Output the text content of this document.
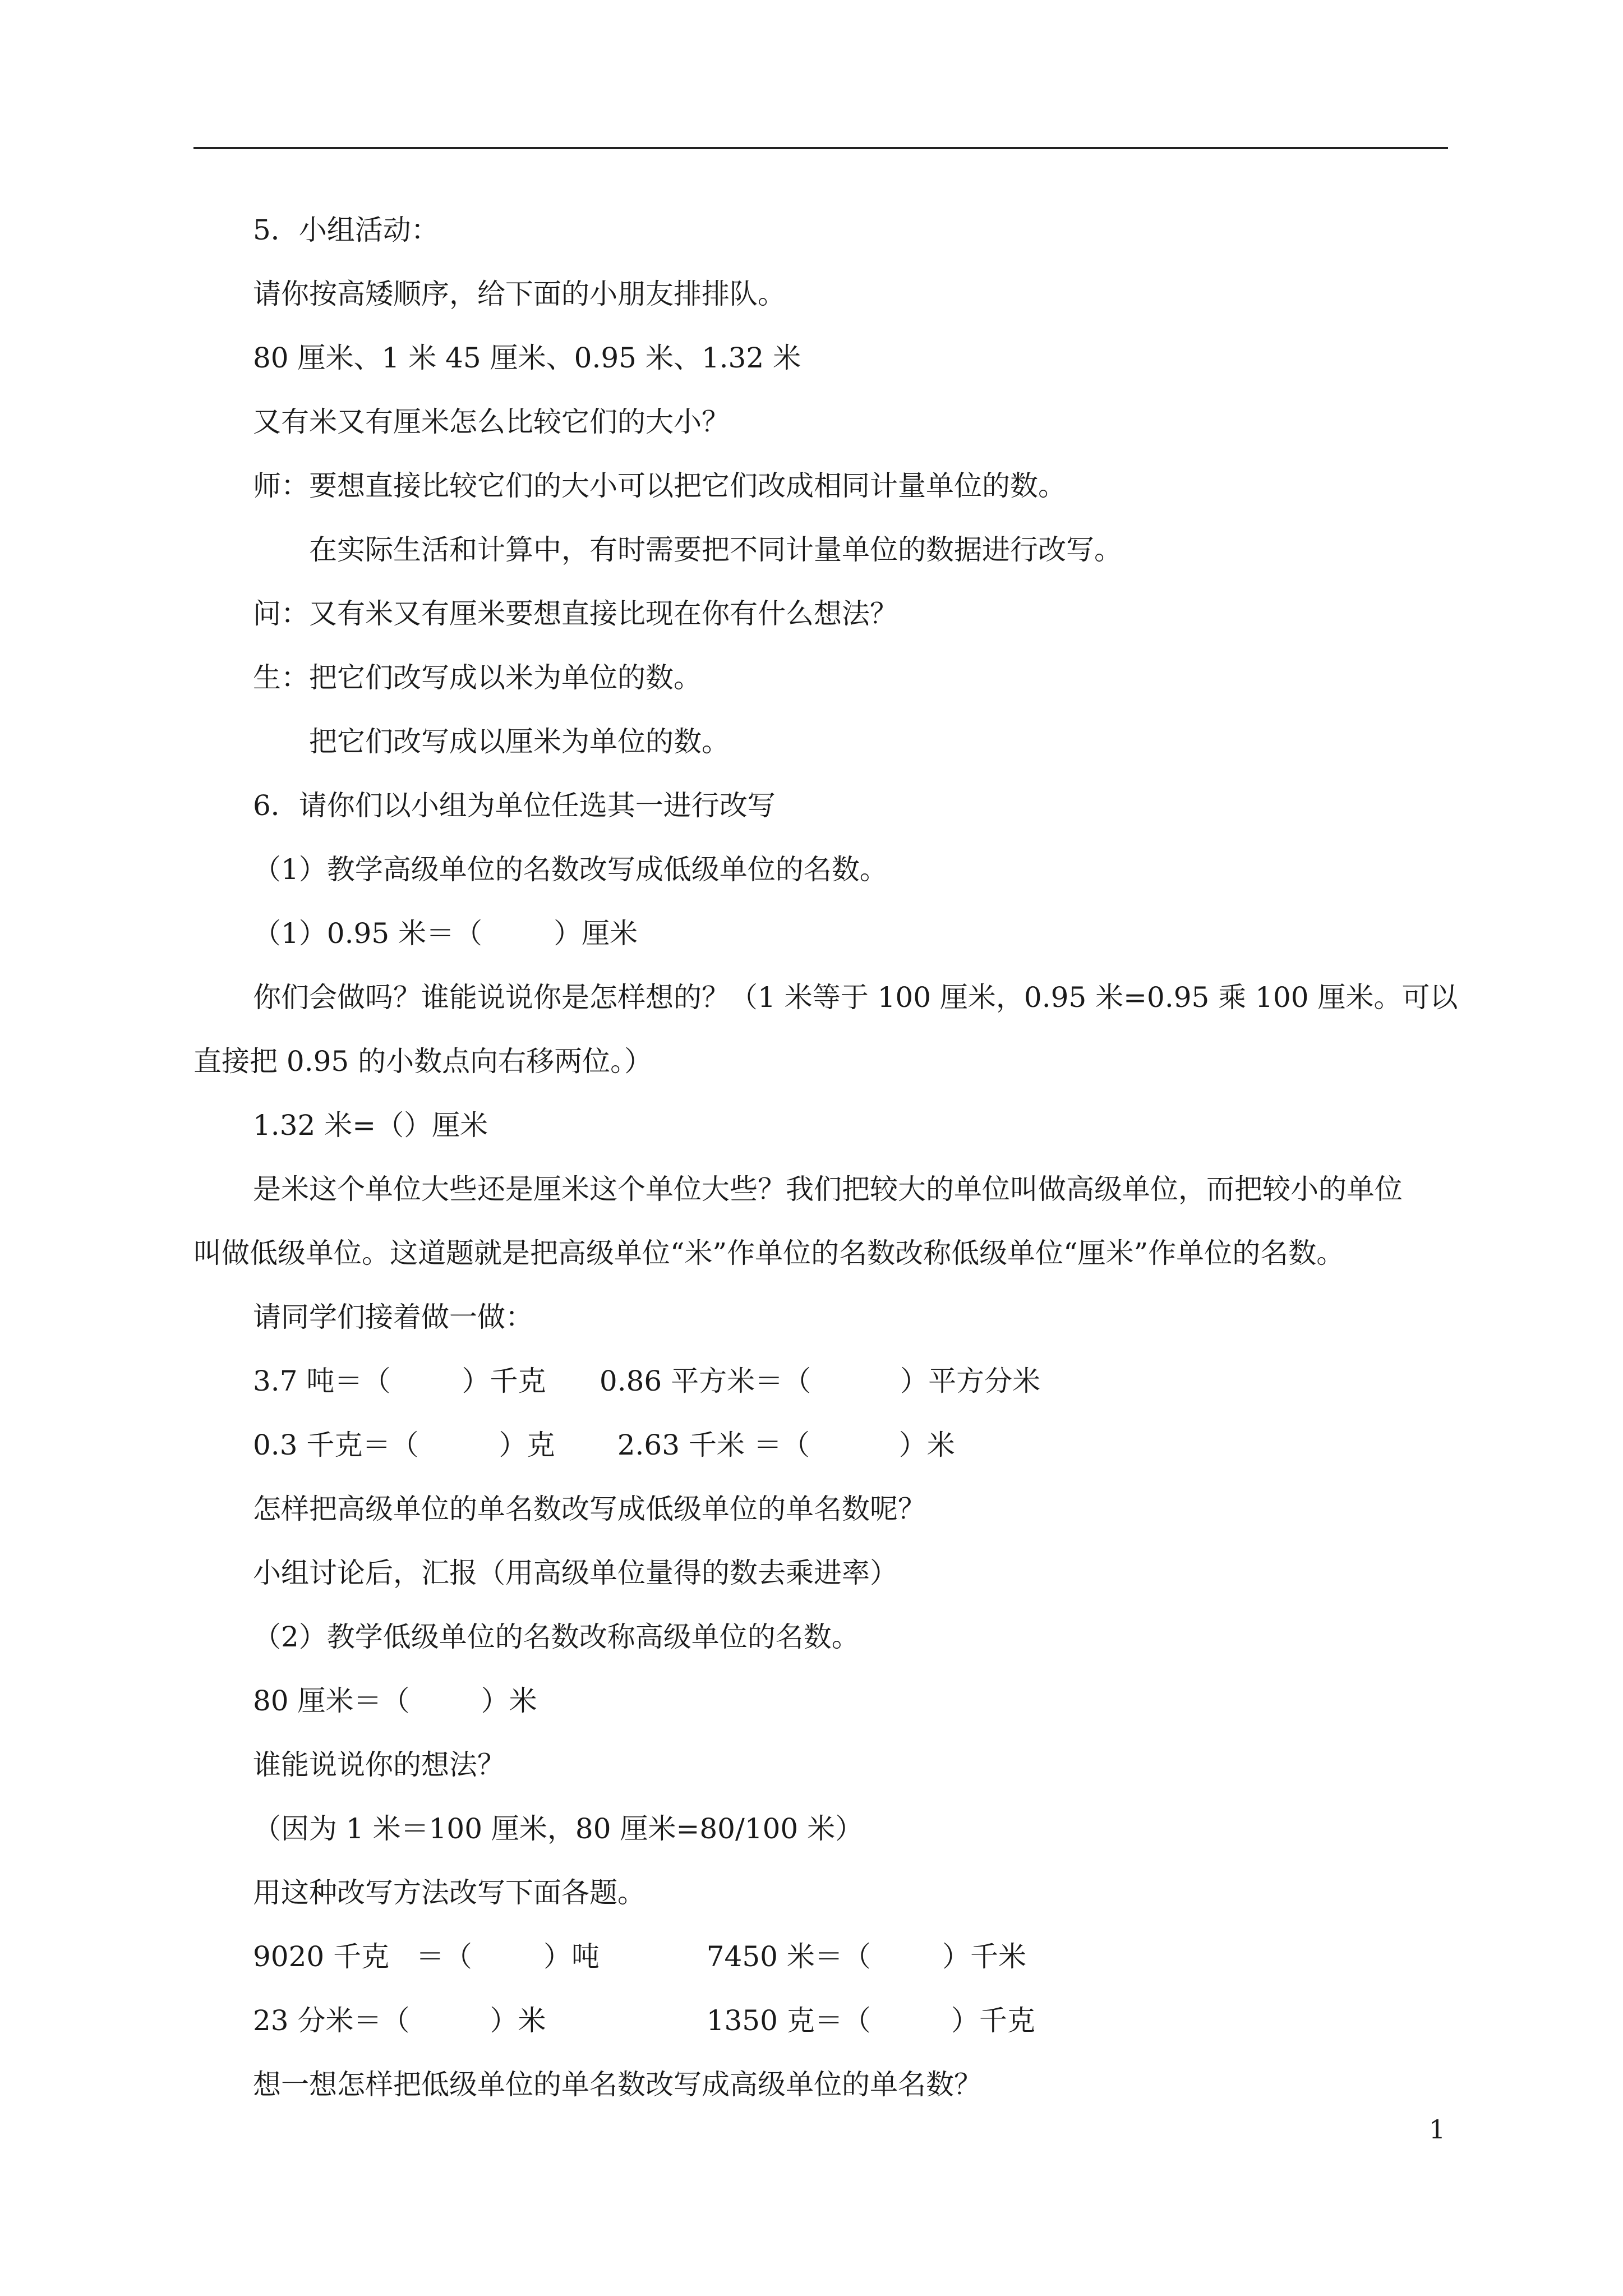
5．小组活动：
请你按高矮顺序，给下面的小朋友排排队。
80 厘米、1 米 45 厘米、0.95 米、1.32 米
又有米又有厘米怎么比较它们的大小？
师：要想直接比较它们的大小可以把它们改成相同计量单位的数。
在实际生活和计算中，有时需要把不同计量单位的数据进行改写。
问：又有米又有厘米要想直接比现在你有什么想法？
生：把它们改写成以米为单位的数。
把它们改写成以厘米为单位的数。
6．请你们以小组为单位任选其一进行改写
（1）教学高级单位的名数改写成低级单位的名数。
（1）0.95 米＝（        ）厘米
你们会做吗？谁能说说你是怎样想的？（1 米等于 100 厘米，0.95 米=0.95 乘 100 厘米。可以
直接把 0.95 的小数点向右移两位。）
1.32 米=（）厘米
是米这个单位大些还是厘米这个单位大些？我们把较大的单位叫做高级单位，而把较小的单位
叫做低级单位。这道题就是把高级单位“米”作单位的名数改称低级单位“厘米”作单位的名数。
请同学们接着做一做：
3.7 吨＝（        ）千克      0.86 平方米＝（          ）平方分米
0.3 千克＝（         ）克       2.63 千米 ＝（          ）米
怎样把高级单位的单名数改写成低级单位的单名数呢？
小组讨论后，汇报（用高级单位量得的数去乘进率）
（2）教学低级单位的名数改称高级单位的名数。
80 厘米＝（        ）米
谁能说说你的想法？
（因为 1 米＝100 厘米，80 厘米=80/100 米）
用这种改写方法改写下面各题。
9020 千克   ＝（        ）吨            7450 米＝（        ）千米
23 分米＝（         ）米                  1350 克＝（         ）千克
想一想怎样把低级单位的单名数改写成高级单位的单名数？
1
